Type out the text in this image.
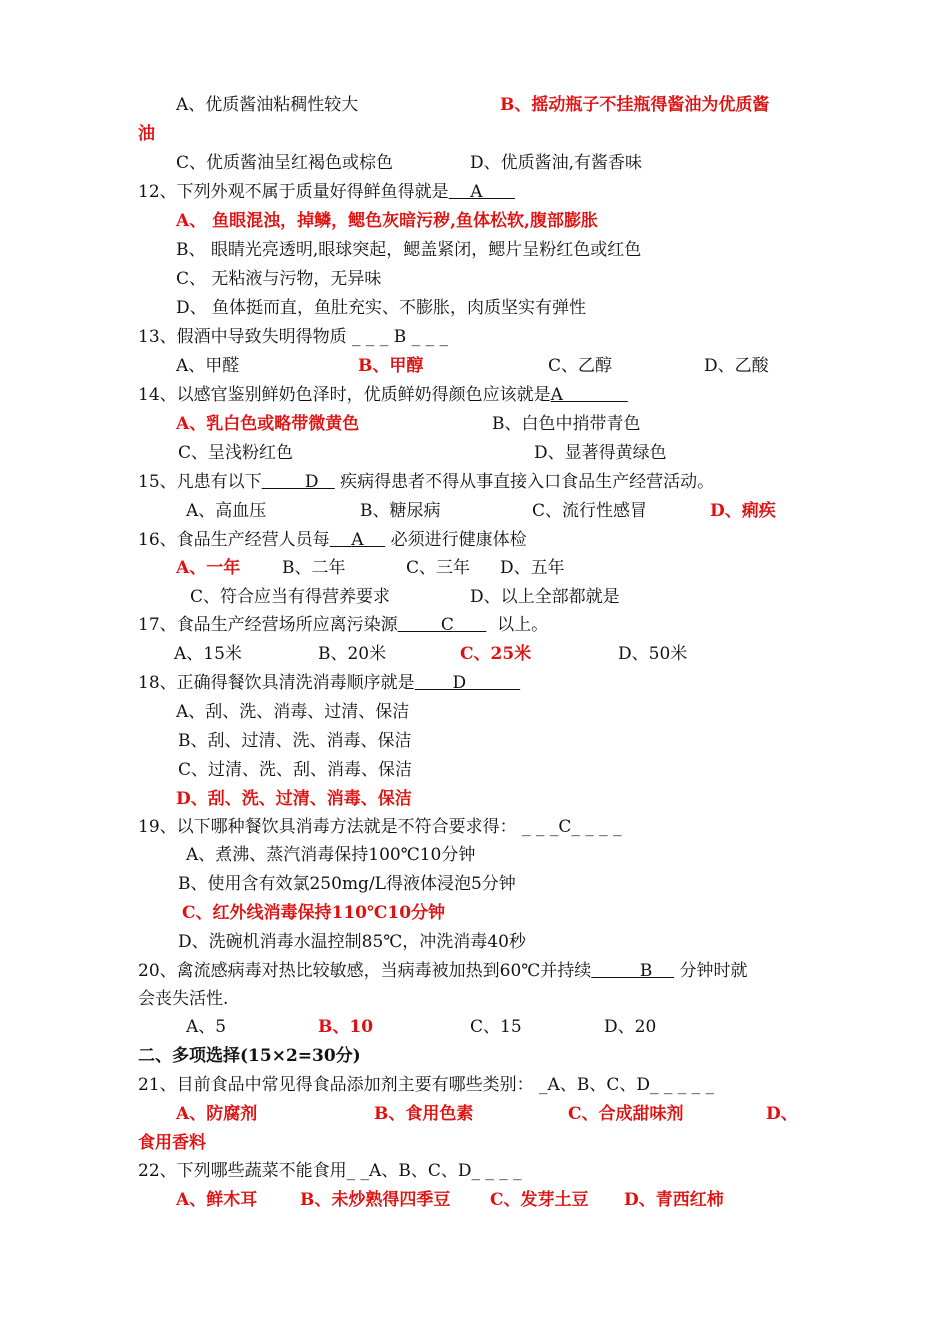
A、优质酱油粘稠性较大	B、摇动瓶子不挂瓶得酱油为优质酱
油
C、优质酱油呈红褐色或棕色	D、优质酱油,有酱香味
12、下列外观不属于质量好得鲜鱼得就是 A
A、 鱼眼混浊，掉鳞，鳃色灰暗污秽,鱼体松软,腹部膨胀
B、 眼睛光亮透明,眼球突起，鳃盖紧闭，鳃片呈粉红色或红色
C、 无粘液与污物，无异味
D、 鱼体挺而直，鱼肚充实、不膨胀，肉质坚实有弹性
13、假酒中导致失明得物质 _ _ _ B _ _ _
A、甲醛	B、甲醇	C、乙醇	D、乙酸
14、以感官鉴别鲜奶色泽时，优质鲜奶得颜色应该就是A
A、乳白色或略带微黄色	B、白色中捎带青色
C、呈浅粉红色	D、显著得黄绿色
15、凡患有以下	D 疾病得患者不得从事直接入口食品生产经营活动。
A、高血压	B、糖尿病	C、流行性感冒	D、痢疾
16、食品生产经营人员每 A 必须进行健康体检
A、一年 B、二年	C、三年 D、五年
C、符合应当有得营养要求	D、以上全部都就是
17、食品生产经营场所应离污染源	C	以上。
A、15米	B、20米	C、25米	D、50米
18、正确得餐饮具清洗消毒顺序就是 D
A、刮、洗、消毒、过清、保洁
B、刮、过清、洗、消毒、保洁
C、过清、洗、刮、消毒、保洁
D、刮、洗、过清、消毒、保洁
19、以下哪种餐饮具消毒方法就是不符合要求得： _ _ _C_ _ _ _
A、煮沸、蒸汽消毒保持100℃10分钟
B、使用含有效氯250mg/L得液体浸泡5分钟
C、红外线消毒保持110℃10分钟
D、洗碗机消毒水温控制85℃，冲洗消毒40秒
20、禽流感病毒对热比较敏感，当病毒被加热到60℃并持续	B 分钟时就
会丧失活性.
A、5	B、10	C、15	D、20
二、多项选择(15×2=30分)
21、目前食品中常见得食品添加剂主要有哪些类别： _A、B、C、D_ _ _ _ _
A、防腐剂	B、食用色素	C、合成甜味剂	D、
食用香料
22、下列哪些蔬菜不能食用_ _A、B、C、D_ _ _ _
A、鲜木耳	B、未炒熟得四季豆 C、发芽土豆 D、青西红柿
